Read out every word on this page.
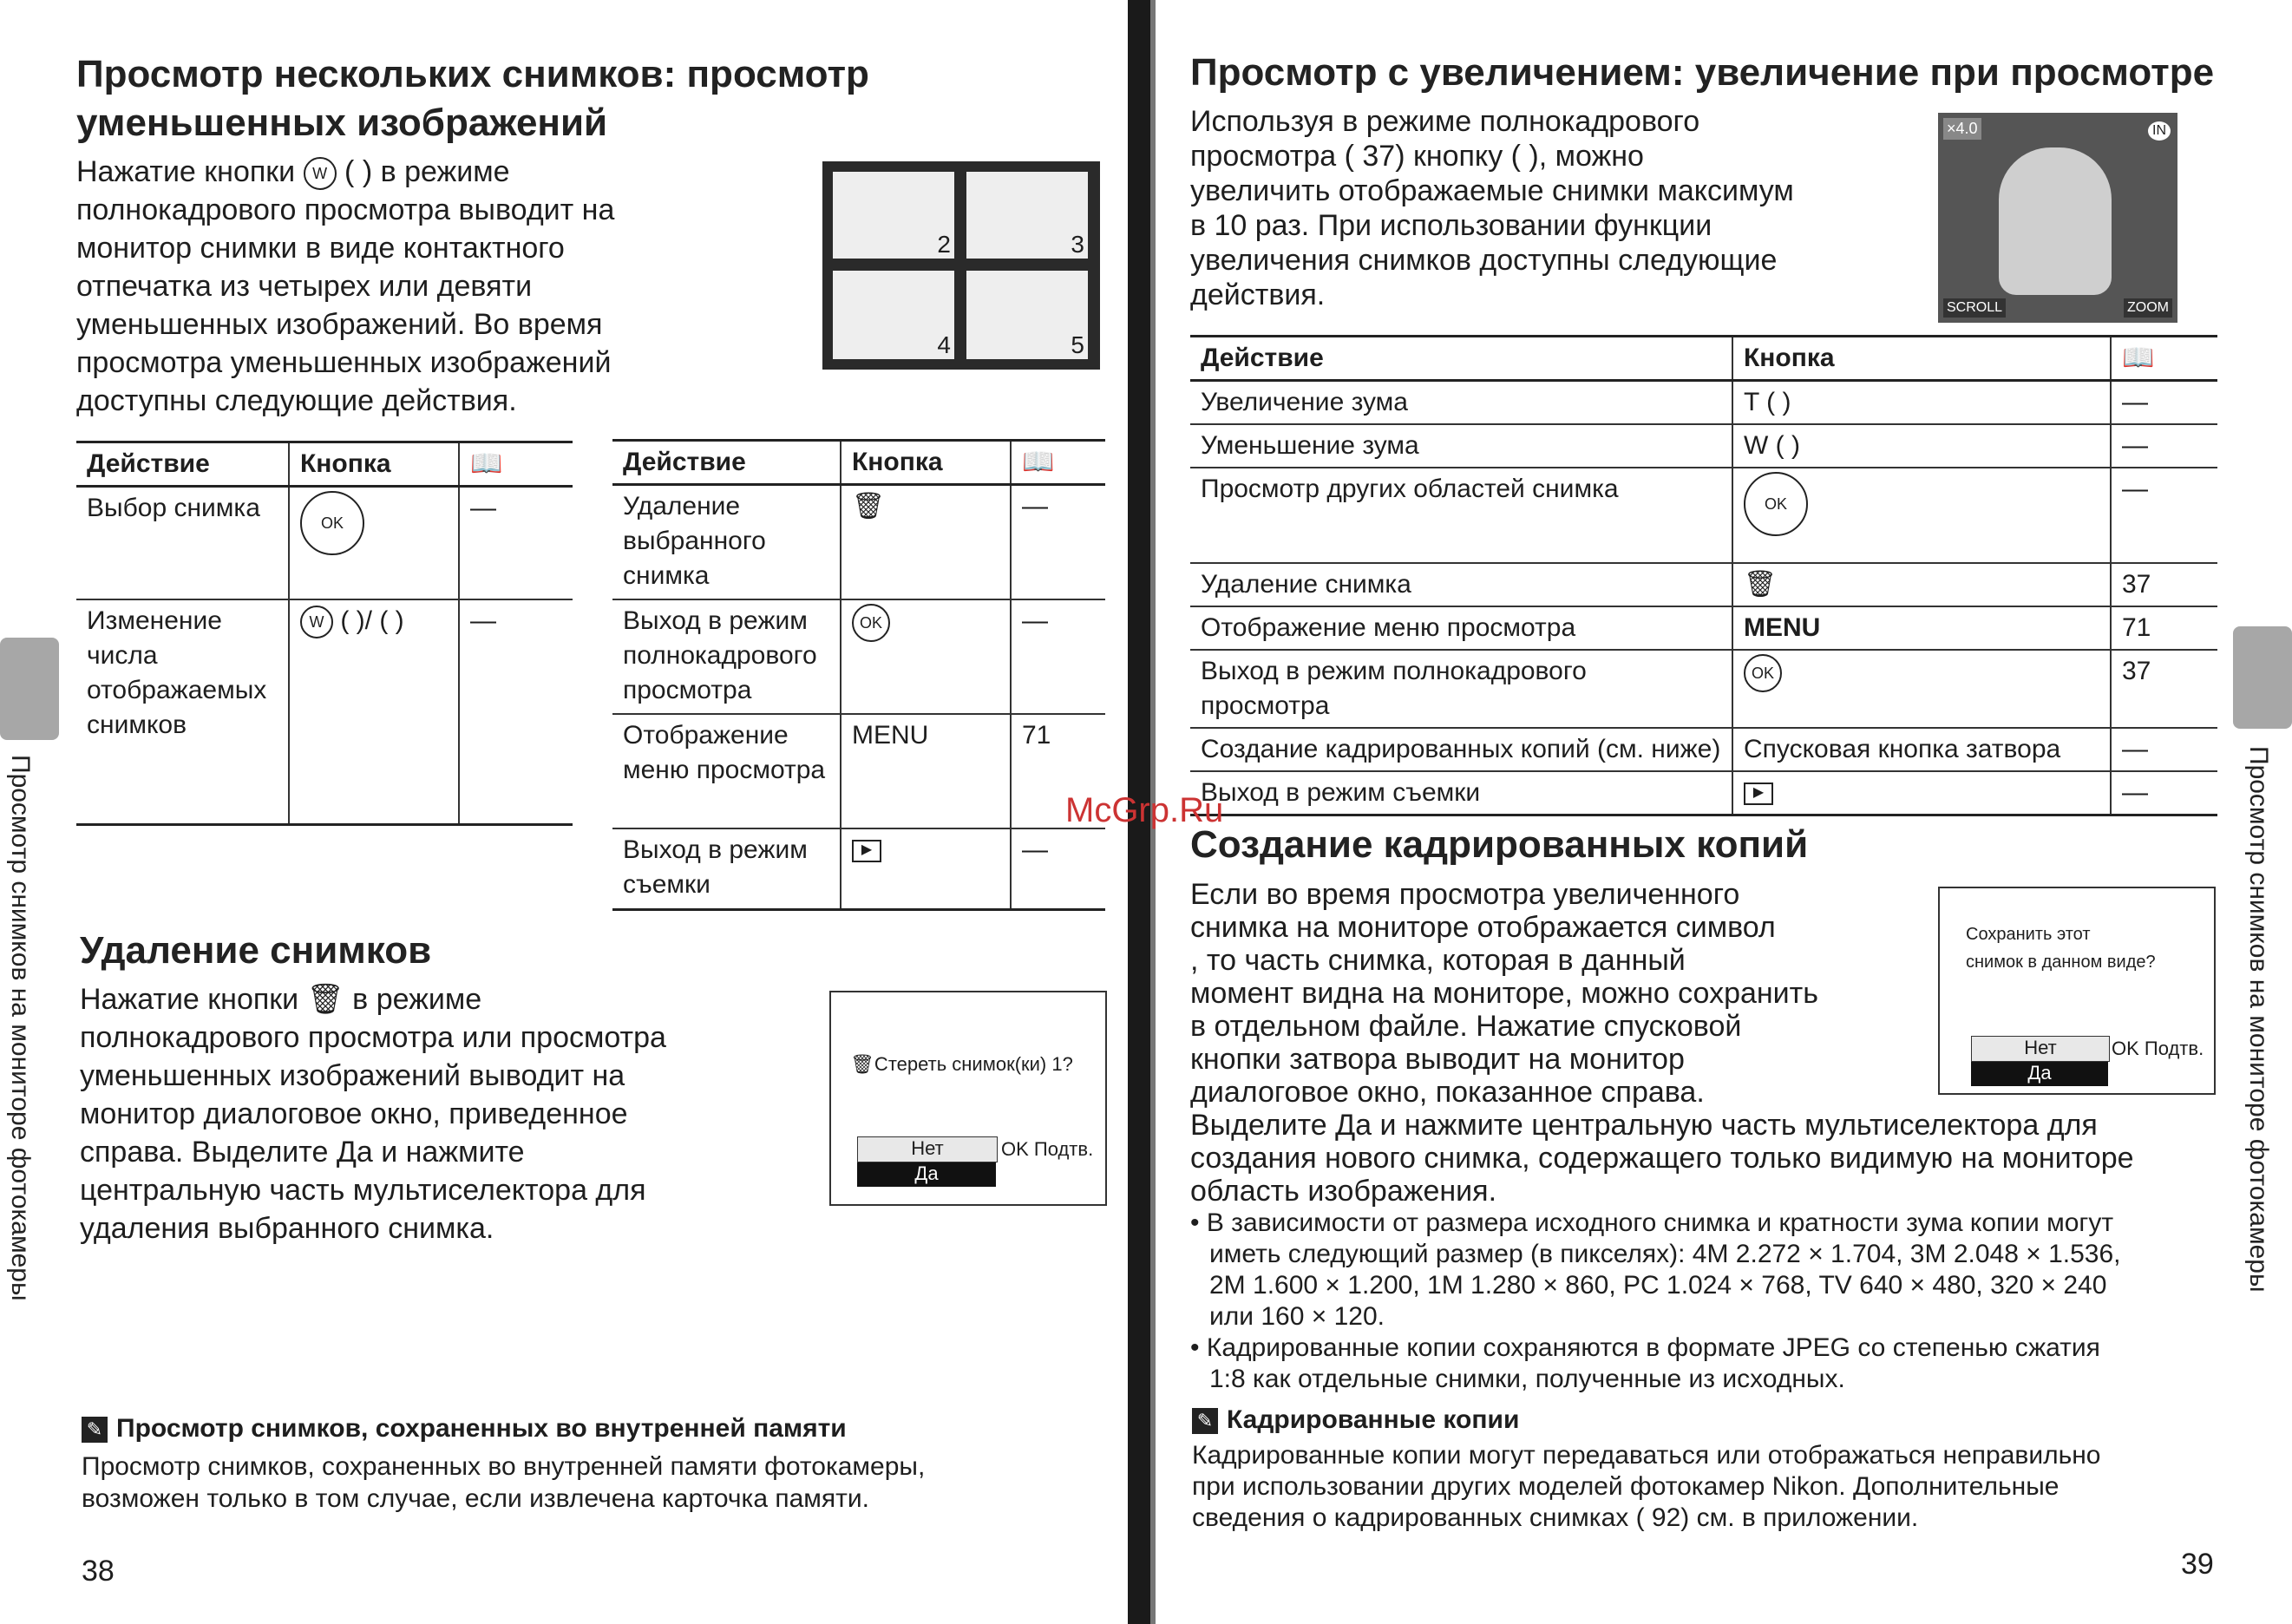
Просмотр снимков на мониторе фотокамеры	Просмотр снимков на мониторе фотокамеры
Просмотр нескольких снимков: просмотр уменьшенных изображений
Нажатие кнопки W ( ) в режиме
полнокадрового просмотра выводит на
монитор снимки в виде контактного
отпечатка из четырех или девяти
уменьшенных изображений. Во время
просмотра уменьшенных изображений
доступны следующие действия.
2	3
4	5
Действие	Кнопка	📖
Выбор снимка	OK	—
Изменение числа отображаемых снимков	W ( )/ ( )	—
Действие	Кнопка	📖
Удаление выбранного снимка	🗑	—
Выход в режим полнокадрового просмотра	OK	—
Отображение меню просмотра	MENU	71
Выход в режим съемки	▶	—
Удаление снимков
Нажатие кнопки 🗑 в режиме
полнокадрового просмотра или просмотра
уменьшенных изображений выводит на
монитор диалоговое окно, приведенное
справа. Выделите Да и нажмите
центральную часть мультиселектора для
удаления выбранного снимка.
🗑Стереть снимок(ки) 1?
Нет
Да
OK Подтв.
✎ Просмотр снимков, сохраненных во внутренней памяти
Просмотр снимков, сохраненных во внутренней памяти фотокамеры,
возможен только в том случае, если извлечена карточка памяти.
38
Просмотр с увеличением: увеличение при просмотре
Используя в режиме полнокадрового
просмотра ( 37) кнопку ( ), можно
увеличить отображаемые снимки максимум
в 10 раз. При использовании функции
увеличения снимков доступны следующие
действия.
×4.0	IN
SCROLL	ZOOM
Действие	Кнопка	📖
Увеличение зума	T ( )	—
Уменьшение зума	W ( )	—
Просмотр других областей снимка	OK	—
Удаление снимка	🗑	37
Отображение меню просмотра	MENU	71
Выход в режим полнокадрового просмотра	OK	37
Создание кадрированных копий (см. ниже)	Спусковая кнопка затвора	—
Выход в режим съемки	▶	—
McGrp.Ru
Создание кадрированных копий
Если во время просмотра увеличенного
снимка на мониторе отображается символ
, то часть снимка, которая в данный
момент видна на мониторе, можно сохранить
в отдельном файле. Нажатие спусковой
кнопки затвора выводит на монитор
диалоговое окно, показанное справа.
Выделите Да и нажмите центральную часть мультиселектора для
создания нового снимка, содержащего только видимую на мониторе
область изображения.
Сохранить этот
снимок в данном виде?
Нет
Да
OK Подтв.
• В зависимости от размера исходного снимка и кратности зума копии могут
иметь следующий размер (в пикселях): 4M 2.272 × 1.704, 3M 2.048 × 1.536,
2M 1.600 × 1.200, 1M 1.280 × 860, PC 1.024 × 768, TV 640 × 480, 320 × 240
или 160 × 120.
• Кадрированные копии сохраняются в формате JPEG со степенью сжатия
1:8 как отдельные снимки, полученные из исходных.
✎ Кадрированные копии
Кадрированные копии могут передаваться или отображаться неправильно
при использовании других моделей фотокамер Nikon. Дополнительные
сведения о кадрированных снимках ( 92) см. в приложении.
39
